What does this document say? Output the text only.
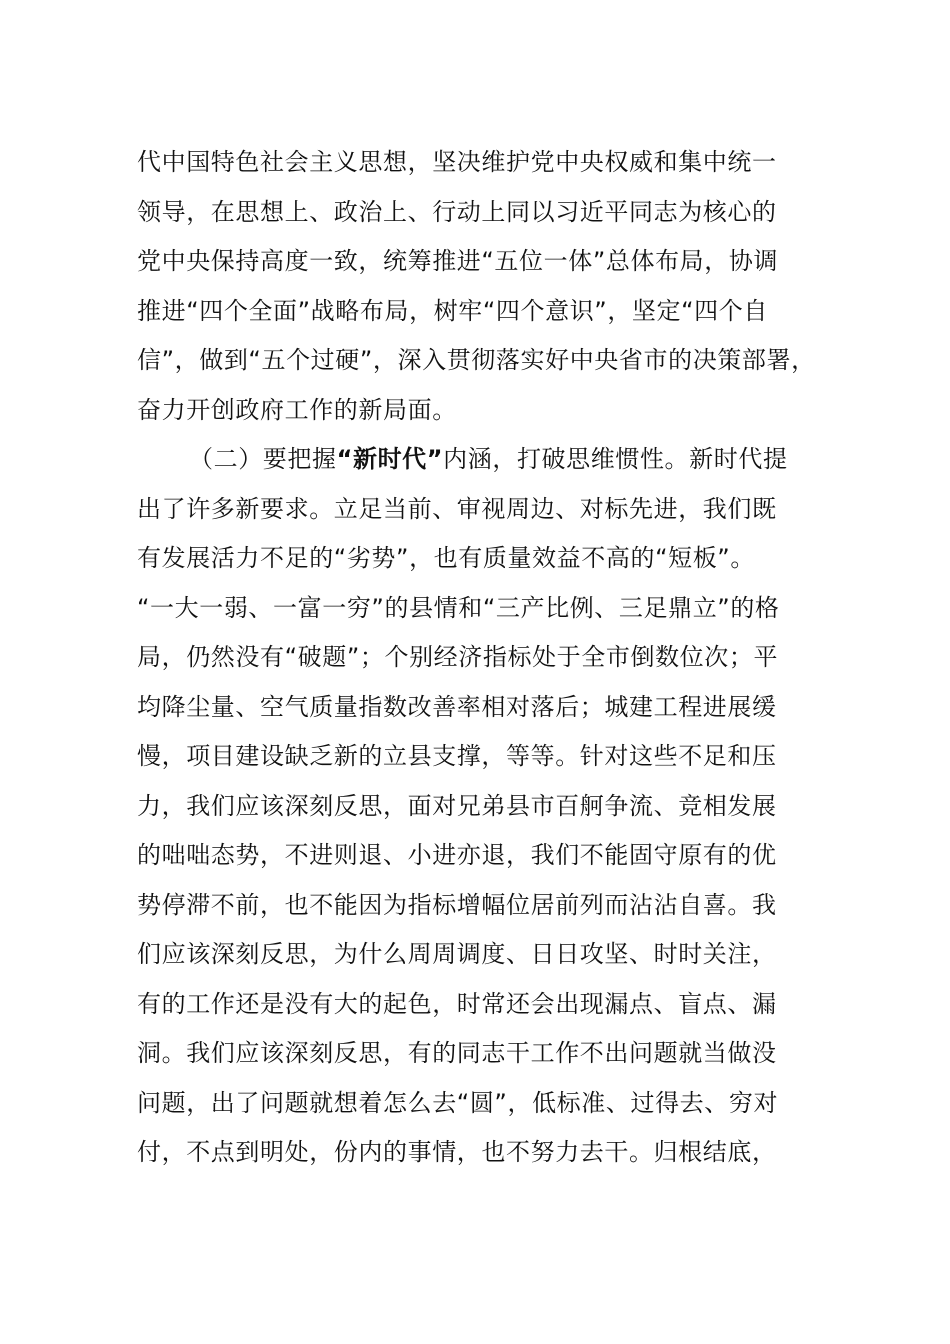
代中国特色社会主义思想，坚决维护党中央权威和集中统一
领导，在思想上、政治上、行动上同以习近平同志为核心的
党中央保持高度一致，统筹推进“五位一体”总体布局，协调
推进“四个全面”战略布局，树牢“四个意识”，坚定“四个自
信”，做到“五个过硬”，深入贯彻落实好中央省市的决策部署，
奋力开创政府工作的新局面。
（二）要把握“新时代”内涵，打破思维惯性。新时代提
出了许多新要求。立足当前、审视周边、对标先进，我们既
有发展活力不足的“劣势”，也有质量效益不高的“短板”。
“一大一弱、一富一穷”的县情和“三产比例、三足鼎立”的格
局，仍然没有“破题”；个别经济指标处于全市倒数位次；平
均降尘量、空气质量指数改善率相对落后；城建工程进展缓
慢，项目建设缺乏新的立县支撑，等等。针对这些不足和压
力，我们应该深刻反思，面对兄弟县市百舸争流、竞相发展
的咄咄态势，不进则退、小进亦退，我们不能固守原有的优
势停滞不前，也不能因为指标增幅位居前列而沾沾自喜。我
们应该深刻反思，为什么周周调度、日日攻坚、时时关注，
有的工作还是没有大的起色，时常还会出现漏点、盲点、漏
洞。我们应该深刻反思，有的同志干工作不出问题就当做没
问题，出了问题就想着怎么去“圆”，低标准、过得去、穷对
付，不点到明处，份内的事情，也不努力去干。归根结底，
